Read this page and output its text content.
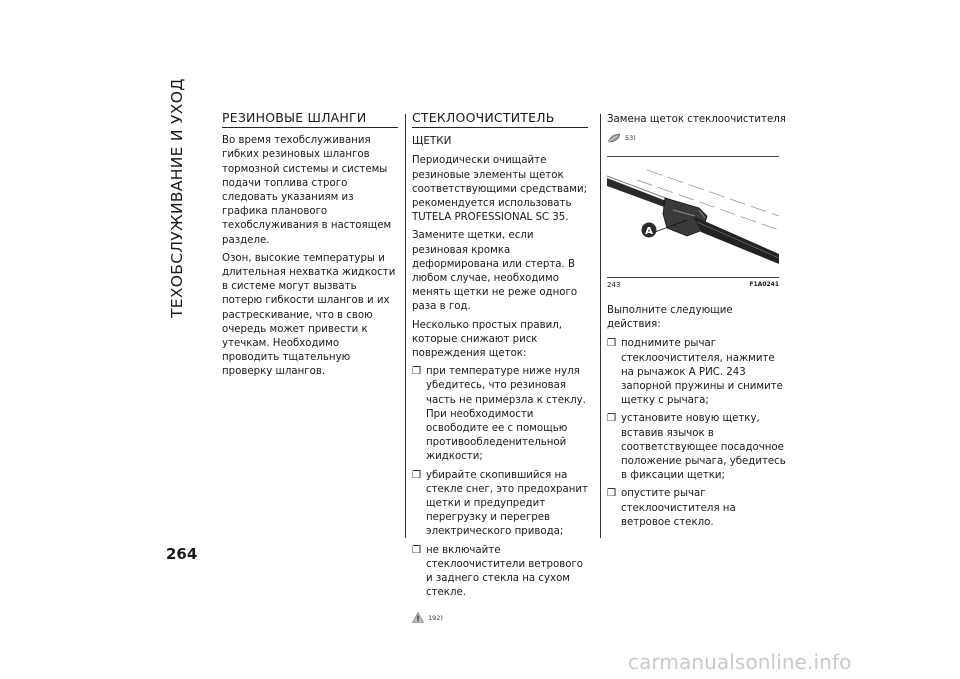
ТЕХОБСЛУЖИВАНИЕ И УХОД	РЕЗИНОВЫЕ ШЛАНГИ

Во время техобслуживания гибких резиновых шлангов тормозной системы и системы подачи топлива строго следовать указаниям из графика планового техобслуживания в настоящем разделе.

Озон, высокие температуры и длительная нехватка жидкости в системе могут вызвать потерю гибкости шлангов и их растрескивание, что в свою очередь может привести к утечкам. Необходимо проводить тщательную проверку шлангов.

СТЕКЛООЧИСТИТЕЛЬ
ЩЕТКИ

Периодически очищайте резиновые элементы щеток соответствующими средствами; рекомендуется использовать TUTELA PROFESSIONAL SC 35.

Замените щетки, если резиновая кромка деформирована или стерта. В любом случае, необходимо менять щетки не реже одного раза в год.

Несколько простых правил, которые снижают риск повреждения щеток:

❒ при температуре ниже нуля убедитесь, что резиновая часть не примерзла к стеклу. При необходимости освободите ее с помощью противообледенительной жидкости;
❒ убирайте скопившийся на стекле снег, это предохранит щетки и предупредит перегрузку и перегрев электрического привода;
❒ не включайте стеклоочистители ветрового и заднего стекла на сухом стекле.
192)

Замена щеток стеклоочистителя

53)
A
243	F1A0241

Выполните следующие действия:

❒ поднимите рычаг стеклоочистителя, нажмите на рычажок A РИС. 243 запорной пружины и снимите щетку с рычага;
❒ установите новую щетку, вставив язычок в соответствующее посадочное положение рычага, убедитесь в фиксации щетки;
❒ опустите рычаг стеклоочистителя на ветровое стекло.
264
carmanualsonline.info
